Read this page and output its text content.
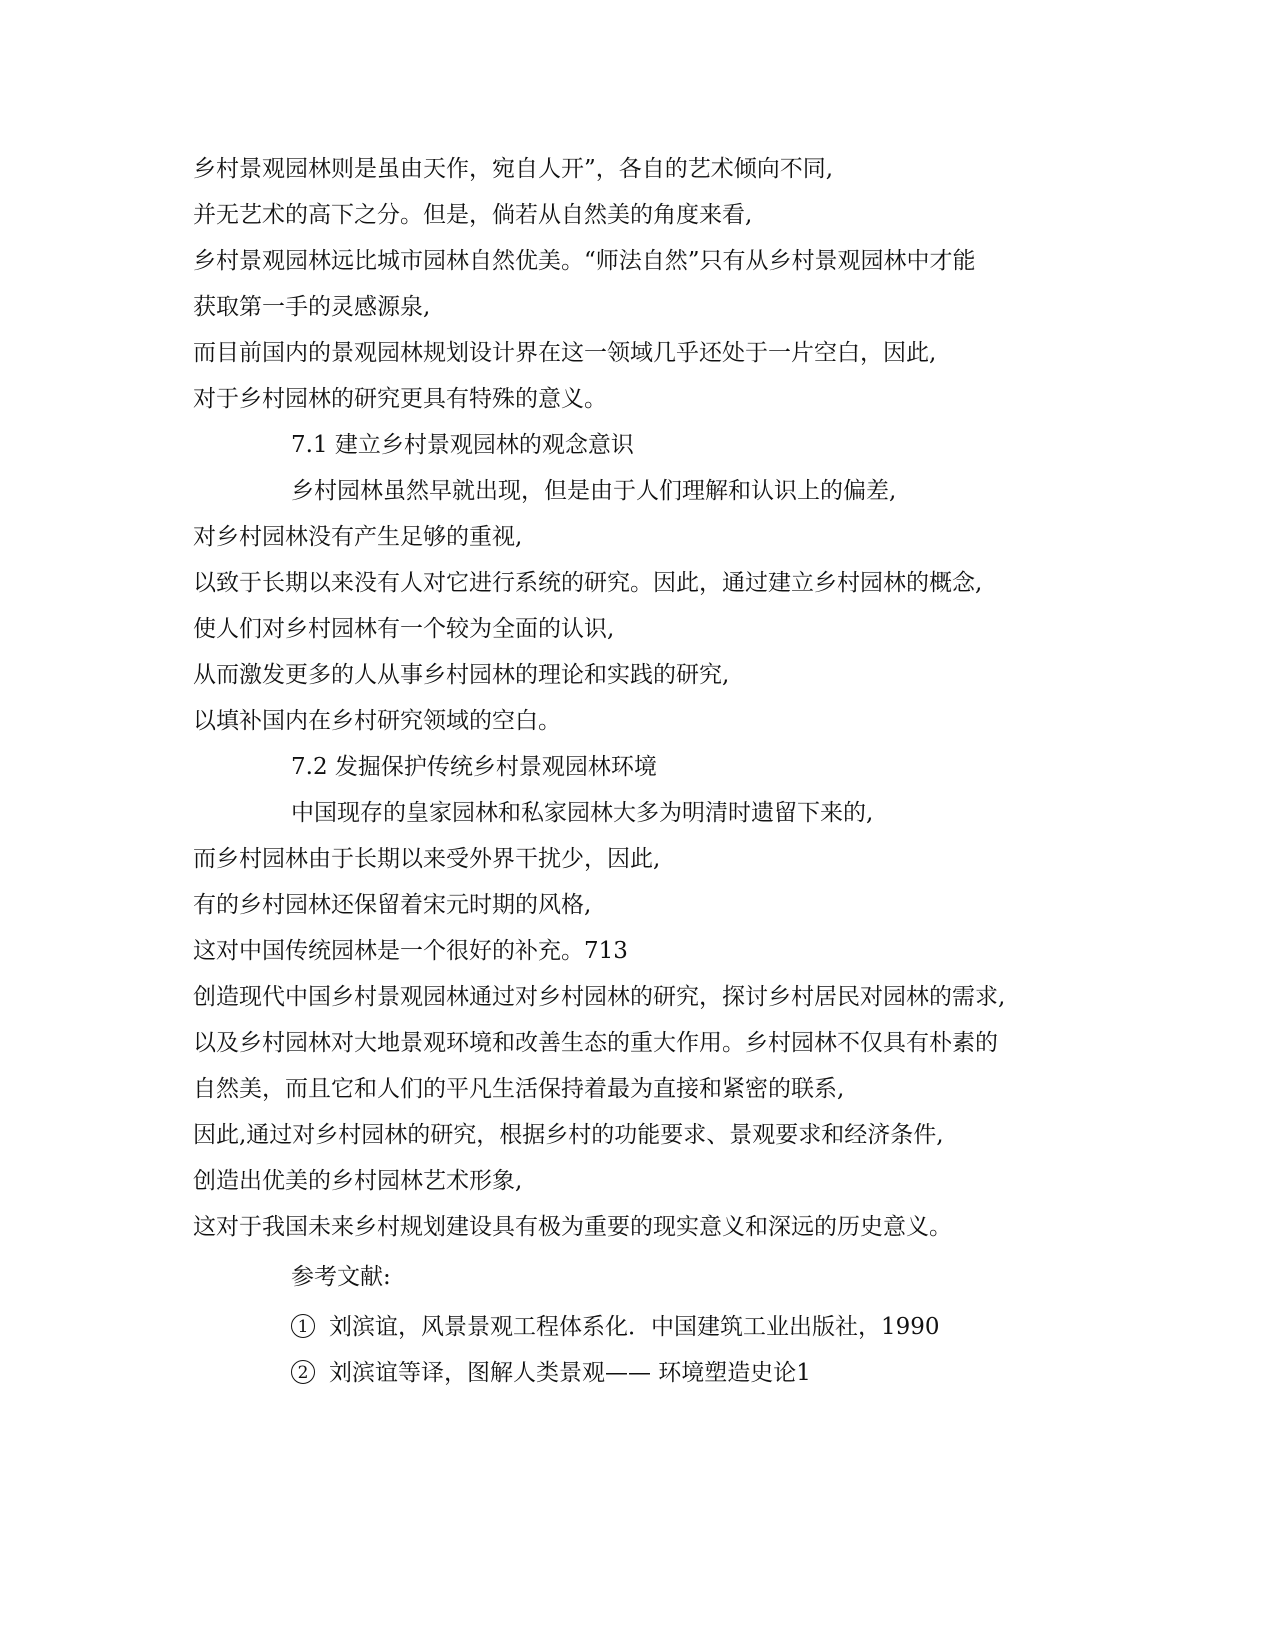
乡村景观园林则是虽由天作，宛自人开”，各自的艺术倾向不同,
并无艺术的高下之分。但是，倘若从自然美的角度来看,
乡村景观园林远比城市园林自然优美。“师法自然”只有从乡村景观园林中才能
获取第一手的灵感源泉,
而目前国内的景观园林规划设计界在这一领域几乎还处于一片空白，因此,
对于乡村园林的研究更具有特殊的意义。
7.1 建立乡村景观园林的观念意识
乡村园林虽然早就出现，但是由于人们理解和认识上的偏差,
对乡村园林没有产生足够的重视,
以致于长期以来没有人对它进行系统的研究。因此，通过建立乡村园林的概念,
使人们对乡村园林有一个较为全面的认识,
从而激发更多的人从事乡村园林的理论和实践的研究,
以填补国内在乡村研究领域的空白。
7.2 发掘保护传统乡村景观园林环境
中国现存的皇家园林和私家园林大多为明清时遗留下来的,
而乡村园林由于长期以来受外界干扰少，因此,
有的乡村园林还保留着宋元时期的风格,
这对中国传统园林是一个很好的补充。713
创造现代中国乡村景观园林通过对乡村园林的研究，探讨乡村居民对园林的需求,
以及乡村园林对大地景观环境和改善生态的重大作用。乡村园林不仅具有朴素的
自然美，而且它和人们的平凡生活保持着最为直接和紧密的联系,
因此,通过对乡村园林的研究，根据乡村的功能要求、景观要求和经济条件,
创造出优美的乡村园林艺术形象,
这对于我国未来乡村规划建设具有极为重要的现实意义和深远的历史意义。
参考文献:
1 刘滨谊，风景景观工程体系化．中国建筑工业出版社，1990
2 刘滨谊等译，图解人类景观—— 环境塑造史论1
